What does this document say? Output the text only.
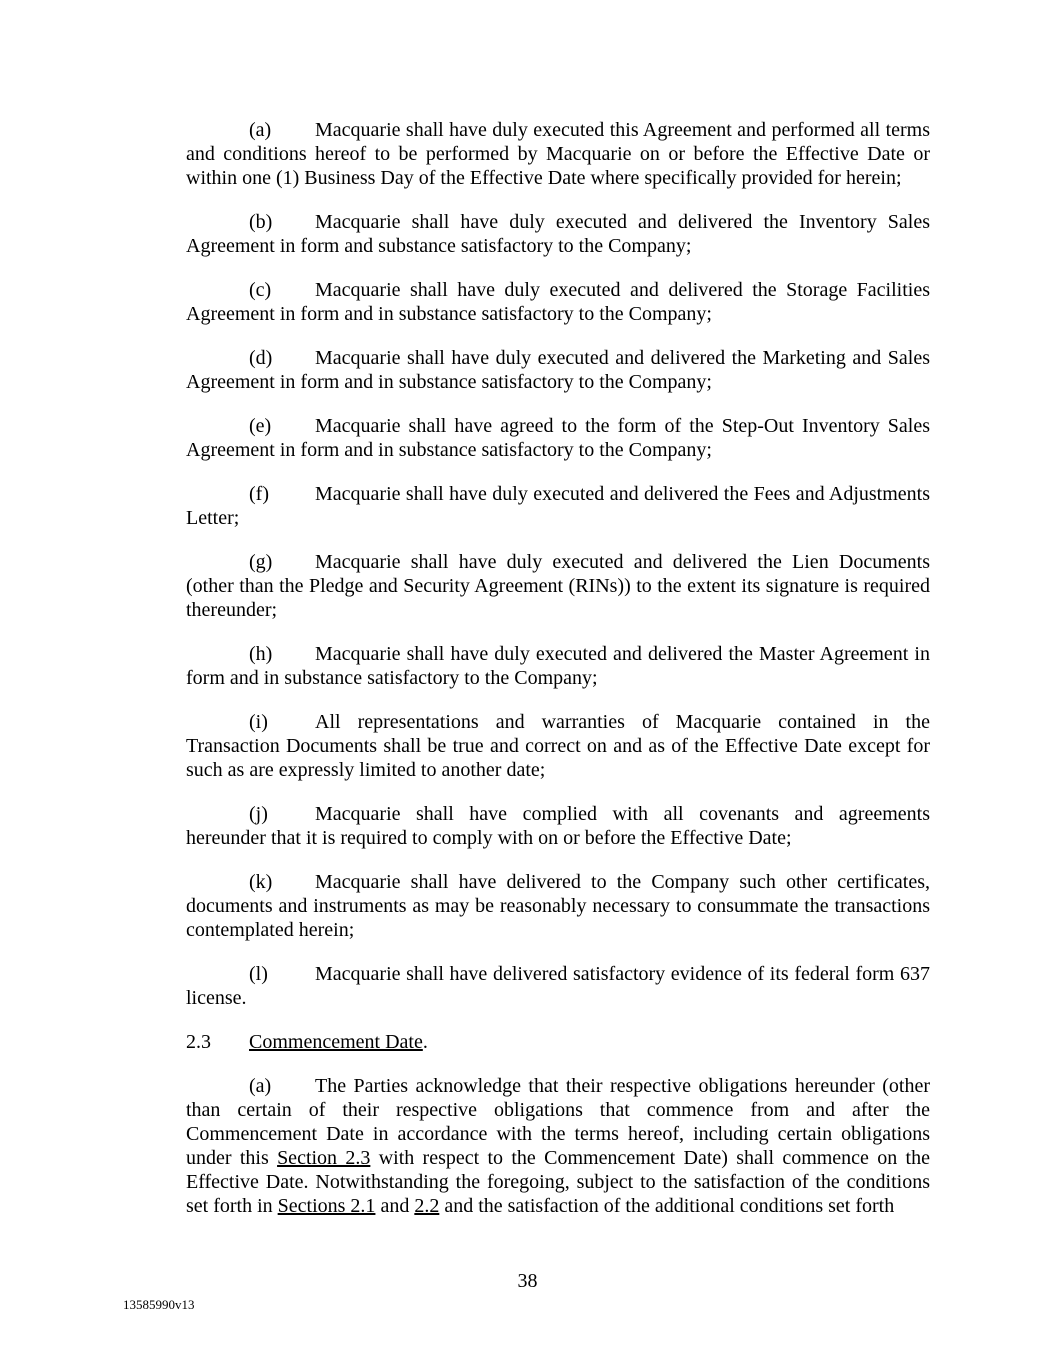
(a) Macquarie shall have duly executed this Agreement and performed all terms and conditions hereof to be performed by Macquarie on or before the Effective Date or within one (1) Business Day of the Effective Date where specifically provided for herein;

(b) Macquarie shall have duly executed and delivered the Inventory Sales Agreement in form and substance satisfactory to the Company;

(c) Macquarie shall have duly executed and delivered the Storage Facilities Agreement in form and in substance satisfactory to the Company;

(d) Macquarie shall have duly executed and delivered the Marketing and Sales Agreement in form and in substance satisfactory to the Company;

(e) Macquarie shall have agreed to the form of the Step-Out Inventory Sales Agreement in form and in substance satisfactory to the Company;

(f) Macquarie shall have duly executed and delivered the Fees and Adjustments Letter;

(g) Macquarie shall have duly executed and delivered the Lien Documents (other than the Pledge and Security Agreement (RINs)) to the extent its signature is required thereunder;

(h) Macquarie shall have duly executed and delivered the Master Agreement in form and in substance satisfactory to the Company;

(i) All representations and warranties of Macquarie contained in the Transaction Documents shall be true and correct on and as of the Effective Date except for such as are expressly limited to another date;

(j) Macquarie shall have complied with all covenants and agreements hereunder that it is required to comply with on or before the Effective Date;

(k) Macquarie shall have delivered to the Company such other certificates, documents and instruments as may be reasonably necessary to consummate the transactions contemplated herein;

(l) Macquarie shall have delivered satisfactory evidence of its federal form 637 license.

2.3 Commencement Date.

(a) The Parties acknowledge that their respective obligations hereunder (other than certain of their respective obligations that commence from and after the Commencement Date in accordance with the terms hereof, including certain obligations under this Section 2.3 with respect to the Commencement Date) shall commence on the Effective Date. Notwithstanding the foregoing, subject to the satisfaction of the conditions set forth in Sections 2.1 and 2.2 and the satisfaction of the additional conditions set forth

38
13585990v13
